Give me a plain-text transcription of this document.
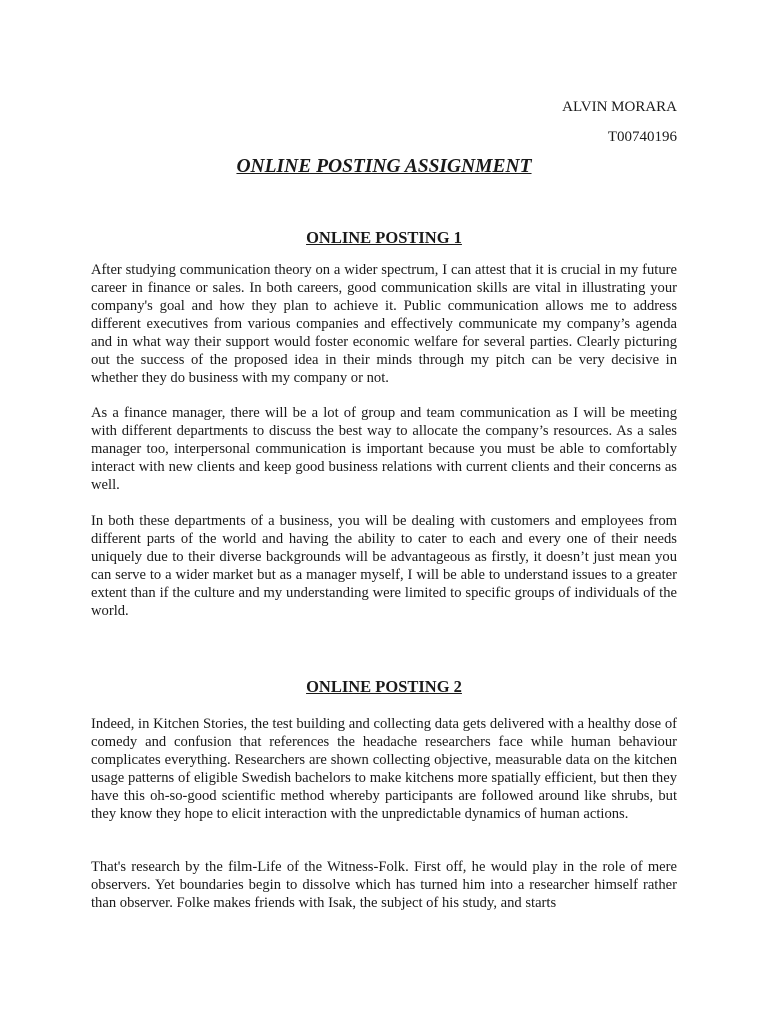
ALVIN MORARA
T00740196
ONLINE POSTING ASSIGNMENT
ONLINE POSTING 1

After studying communication theory on a wider spectrum, I can attest that it is crucial in my future career in finance or sales. In both careers, good communication skills are vital in illustrating your company's goal and how they plan to achieve it. Public communication allows me to address different executives from various companies and effectively communicate my company’s agenda and in what way their support would foster economic welfare for several parties. Clearly picturing out the success of the proposed idea in their minds through my pitch can be very decisive in whether they do business with my company or not.

As a finance manager, there will be a lot of group and team communication as I will be meeting with different departments to discuss the best way to allocate the company’s resources. As a sales manager too, interpersonal communication is important because you must be able to comfortably interact with new clients and keep good business relations with current clients and their concerns as well.

In both these departments of a business, you will be dealing with customers and employees from different parts of the world and having the ability to cater to each and every one of their needs uniquely due to their diverse backgrounds will be advantageous as firstly, it doesn’t just mean you can serve to a wider market but as a manager myself, I will be able to understand issues to a greater extent than if the culture and my understanding were limited to specific groups of individuals of the world.

ONLINE POSTING 2

Indeed, in Kitchen Stories, the test building and collecting data gets delivered with a healthy dose of comedy and confusion that references the headache researchers face while human behaviour complicates everything. Researchers are shown collecting objective, measurable data on the kitchen usage patterns of eligible Swedish bachelors to make kitchens more spatially efficient, but then they have this oh-so-good scientific method whereby participants are followed around like shrubs, but they know they hope to elicit interaction with the unpredictable dynamics of human actions.

That's research by the film-Life of the Witness-Folk. First off, he would play in the role of mere observers. Yet boundaries begin to dissolve which has turned him into a researcher himself rather than observer. Folke makes friends with Isak, the subject of his study, and starts
